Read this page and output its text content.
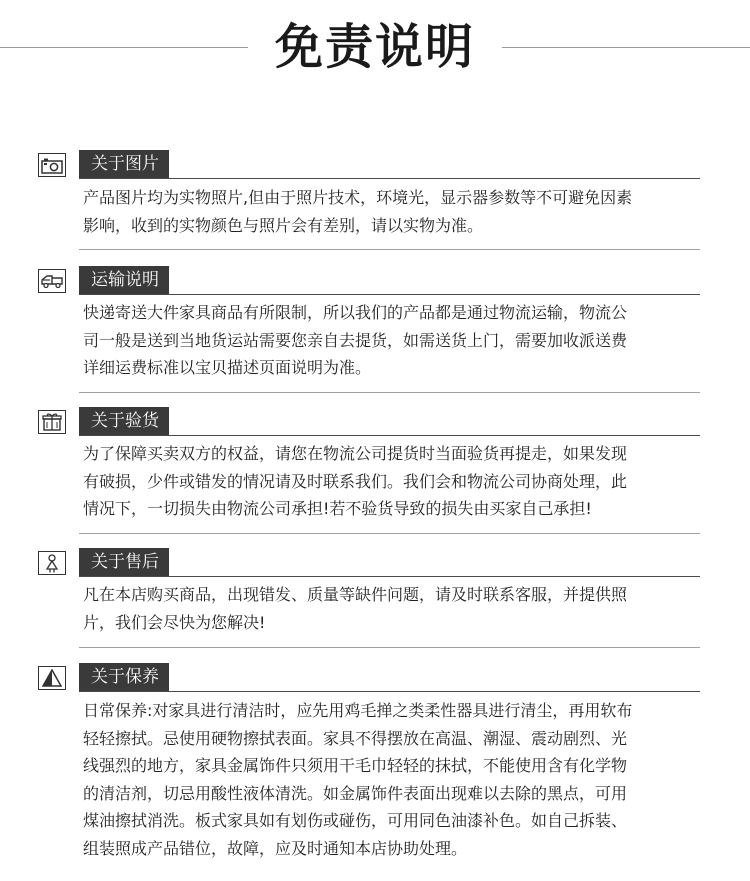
免责说明
关于图片

产品图片均为实物照片,但由于照片技术，环境光，显示器参数等不可避免因素

影响，收到的实物颜色与照片会有差别，请以实物为准。

运输说明

快递寄送大件家具商品有所限制，所以我们的产品都是通过物流运输，物流公

司一般是送到当地货运站需要您亲自去提货，如需送货上门，需要加收派送费

详细运费标准以宝贝描述页面说明为准。

关于验货

为了保障买卖双方的权益，请您在物流公司提货时当面验货再提走，如果发现

有破损，少件或错发的情况请及时联系我们。我们会和物流公司协商处理，此

情况下，一切损失由物流公司承担!若不验货导致的损失由买家自己承担!

关于售后

凡在本店购买商品，出现错发、质量等缺件问题，请及时联系客服，并提供照

片，我们会尽快为您解决!

关于保养

日常保养:对家具进行清洁时，应先用鸡毛掸之类柔性器具进行清尘，再用软布

轻轻擦拭。忌使用硬物擦拭表面。家具不得摆放在高温、潮湿、震动剧烈、光

线强烈的地方，家具金属饰件只须用干毛巾轻轻的抹拭，不能使用含有化学物

的清洁剂，切忌用酸性液体清洗。如金属饰件表面出现难以去除的黑点，可用

煤油擦拭消洗。板式家具如有划伤或碰伤，可用同色油漆补色。如自己拆装、

组装照成产品错位，故障，应及时通知本店协助处理。
